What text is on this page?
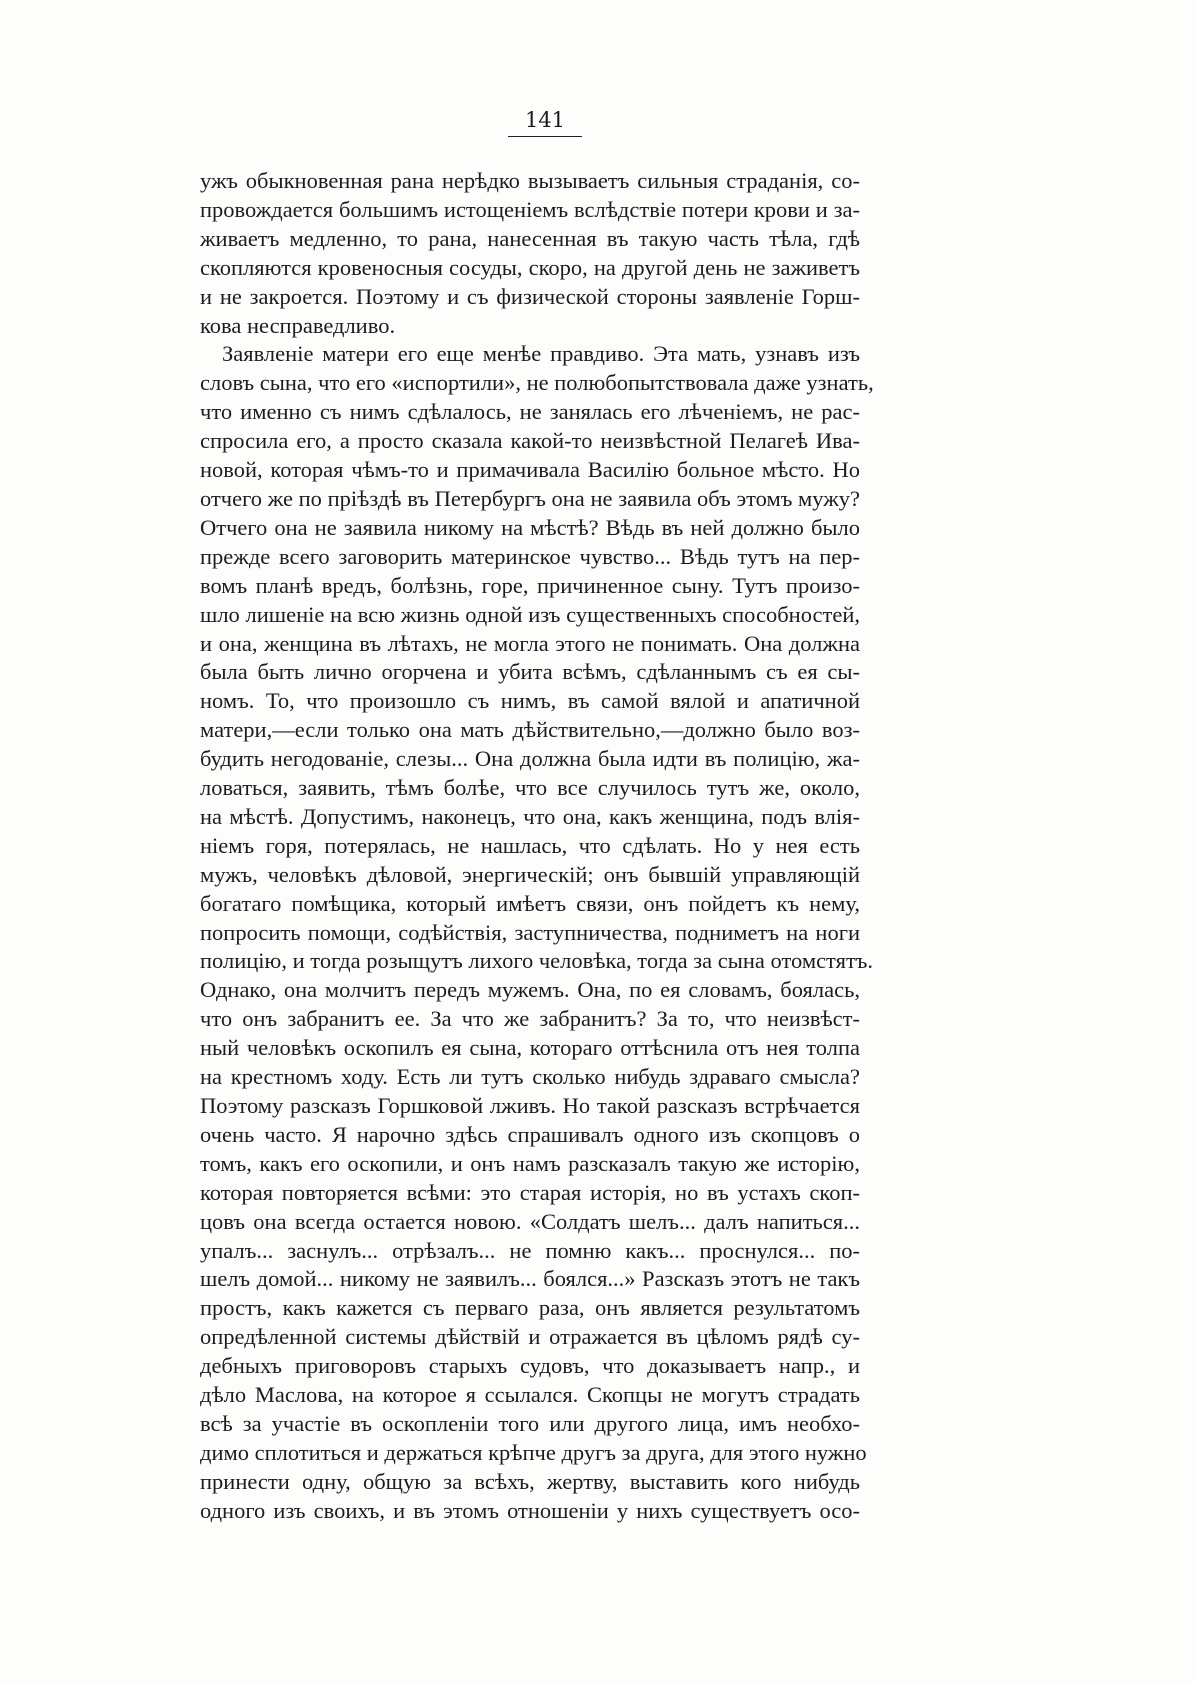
141
ужъ обыкновенная рана нерѣдко вызываетъ сильныя страданія, со-
провождается большимъ истощеніемъ вслѣдствіе потери крови и за-
живаетъ медленно, то рана, нанесенная въ такую часть тѣла, гдѣ
скопляются кровеносныя сосуды, скоро, на другой день не заживетъ
и не закроется. Поэтому и съ физической стороны заявленіе Горш-
кова несправедливо.
Заявленіе матери его еще менѣе правдиво. Эта мать, узнавъ изъ
словъ сына, что его «испортили», не полюбопытствовала даже узнать,
что именно съ нимъ сдѣлалось, не занялась его лѣченіемъ, не рас-
спросила его, а просто сказала какой-то неизвѣстной Пелагеѣ Ива-
новой, которая чѣмъ-то и примачивала Василію больное мѣсто. Но
отчего же по пріѣздѣ въ Петербургъ она не заявила объ этомъ мужу?
Отчего она не заявила никому на мѣстѣ? Вѣдь въ ней должно было
прежде всего заговорить материнское чувство... Вѣдь тутъ на пер-
вомъ планѣ вредъ, болѣзнь, горе, причиненное сыну. Тутъ произо-
шло лишеніе на всю жизнь одной изъ существенныхъ способностей,
и она, женщина въ лѣтахъ, не могла этого не понимать. Она должна
была быть лично огорчена и убита всѣмъ, сдѣланнымъ съ ея сы-
номъ. То, что произошло съ нимъ, въ самой вялой и апатичной
матери,—если только она мать дѣйствительно,—должно было воз-
будить негодованіе, слезы... Она должна была идти въ полицію, жа-
ловаться, заявить, тѣмъ болѣе, что все случилось тутъ же, около,
на мѣстѣ. Допустимъ, наконецъ, что она, какъ женщина, подъ влія-
ніемъ горя, потерялась, не нашлась, что сдѣлать. Но у нея есть
мужъ, человѣкъ дѣловой, энергическій; онъ бывшій управляющій
богатаго помѣщика, который имѣетъ связи, онъ пойдетъ къ нему,
попросить помощи, содѣйствія, заступничества, подниметъ на ноги
полицію, и тогда розыщутъ лихого человѣка, тогда за сына отомстятъ.
Однако, она молчитъ передъ мужемъ. Она, по ея словамъ, боялась,
что онъ забранитъ ее. За что же забранитъ? За то, что неизвѣст-
ный человѣкъ оскопилъ ея сына, котораго оттѣснила отъ нея толпа
на крестномъ ходу. Есть ли тутъ сколько нибудь здраваго смысла?
Поэтому разсказъ Горшковой лживъ. Но такой разсказъ встрѣчается
очень часто. Я нарочно здѣсь спрашивалъ одного изъ скопцовъ о
томъ, какъ его оскопили, и онъ намъ разсказалъ такую же исторію,
которая повторяется всѣми: это старая исторія, но въ устахъ скоп-
цовъ она всегда остается новою. «Солдатъ шелъ... далъ напиться...
упалъ... заснулъ... отрѣзалъ... не помню какъ... проснулся... по-
шелъ домой... никому не заявилъ... боялся...» Разсказъ этотъ не такъ
простъ, какъ кажется съ перваго раза, онъ является результатомъ
опредѣленной системы дѣйствій и отражается въ цѣломъ рядѣ су-
дебныхъ приговоровъ старыхъ судовъ, что доказываетъ напр., и
дѣло Маслова, на которое я ссылался. Скопцы не могутъ страдать
всѣ за участіе въ оскопленіи того или другого лица, имъ необхо-
димо сплотиться и держаться крѣпче другъ за друга, для этого нужно
принести одну, общую за всѣхъ, жертву, выставить кого нибудь
одного изъ своихъ, и въ этомъ отношеніи у нихъ существуетъ осо-
